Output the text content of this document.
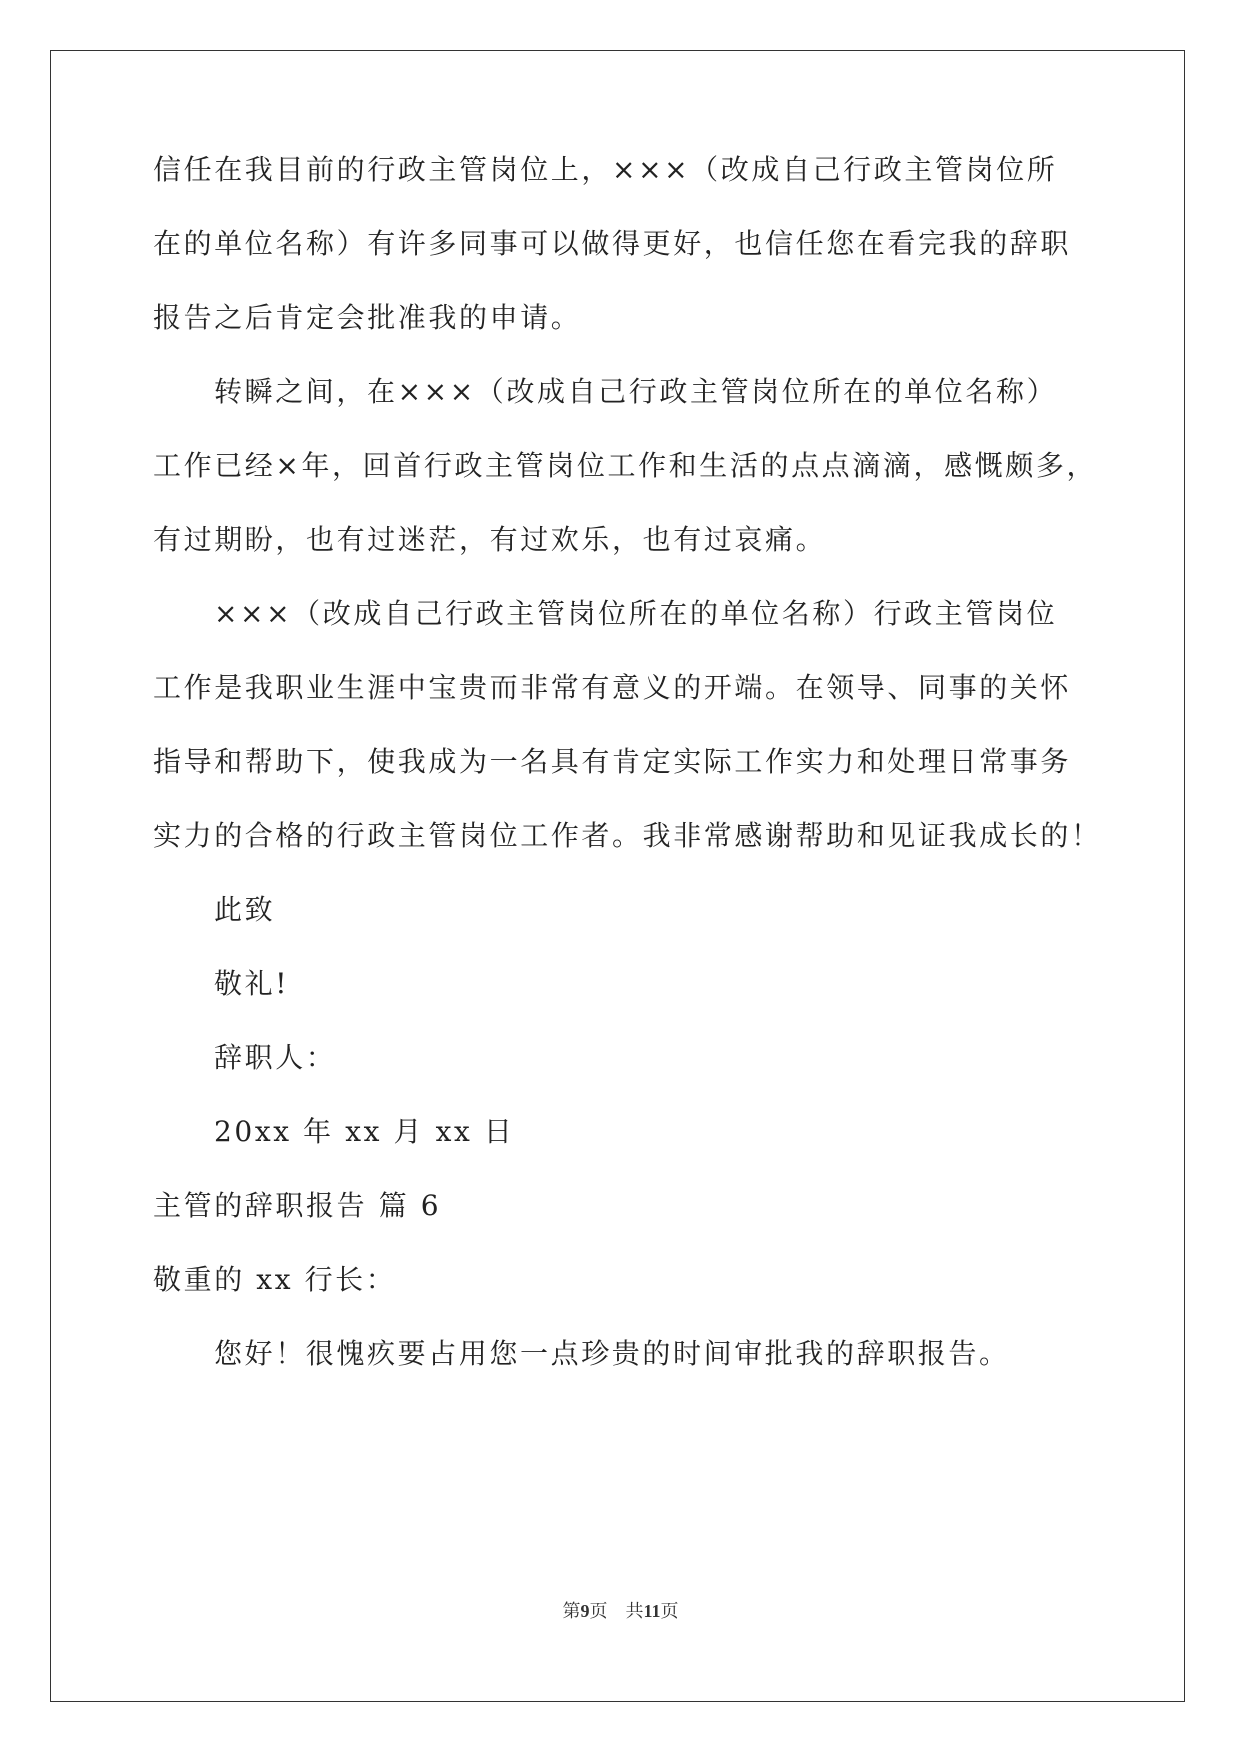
信任在我目前的行政主管岗位上，×××（改成自己行政主管岗位所
在的单位名称）有许多同事可以做得更好，也信任您在看完我的辞职
报告之后肯定会批准我的申请。
转瞬之间，在×××（改成自己行政主管岗位所在的单位名称）
工作已经×年，回首行政主管岗位工作和生活的点点滴滴，感慨颇多，
有过期盼，也有过迷茫，有过欢乐，也有过哀痛。
×××（改成自己行政主管岗位所在的单位名称）行政主管岗位
工作是我职业生涯中宝贵而非常有意义的开端。在领导、同事的关怀
指导和帮助下，使我成为一名具有肯定实际工作实力和处理日常事务
实力的合格的行政主管岗位工作者。我非常感谢帮助和见证我成长的！
此致
敬礼!
辞职人：
20xx 年 xx 月 xx 日
主管的辞职报告 篇 6
敬重的 xx 行长：
您好！很愧疚要占用您一点珍贵的时间审批我的辞职报告。
第9页　共11页
